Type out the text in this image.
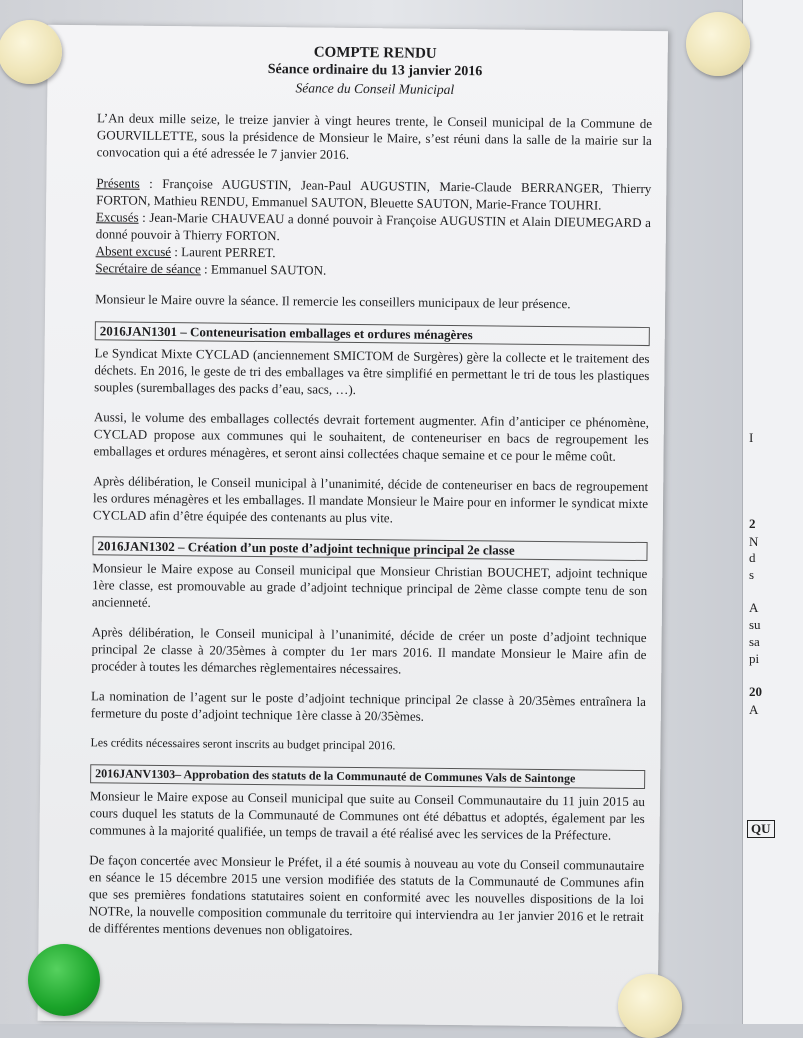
I
2
N
d
s
A
su
sa
pi
20
A
QU
COMPTE RENDU
Séance ordinaire du 13 janvier 2016
Séance du Conseil Municipal

L’An deux mille seize, le treize janvier à vingt heures trente, le Conseil municipal de la Commune de GOURVILLETTE, sous la présidence de Monsieur le Maire, s’est réuni dans la salle de la mairie sur la convocation qui a été adressée le 7 janvier 2016.

Présents : Françoise AUGUSTIN, Jean-Paul AUGUSTIN, Marie-Claude BERRANGER, Thierry FORTON, Mathieu RENDU, Emmanuel SAUTON, Bleuette SAUTON, Marie-France TOUHRI.

Excusés : Jean-Marie CHAUVEAU a donné pouvoir à Françoise AUGUSTIN et Alain DIEUMEGARD a donné pouvoir à Thierry FORTON.

Absent excusé : Laurent PERRET.

Secrétaire de séance : Emmanuel SAUTON.

Monsieur le Maire ouvre la séance. Il remercie les conseillers municipaux de leur présence.

2016JAN1301 – Conteneurisation emballages et ordures ménagères

Le Syndicat Mixte CYCLAD (anciennement SMICTOM de Surgères) gère la collecte et le traitement des déchets. En 2016, le geste de tri des emballages va être simplifié en permettant le tri de tous les plastiques souples (suremballages des packs d’eau, sacs, …).

Aussi, le volume des emballages collectés devrait fortement augmenter. Afin d’anticiper ce phénomène, CYCLAD propose aux communes qui le souhaitent, de conteneuriser en bacs de regroupement les emballages et ordures ménagères, et seront ainsi collectées chaque semaine et ce pour le même coût.

Après délibération, le Conseil municipal à l’unanimité, décide de conteneuriser en bacs de regroupement les ordures ménagères et les emballages. Il mandate Monsieur le Maire pour en informer le syndicat mixte CYCLAD afin d’être équipée des contenants au plus vite.

2016JAN1302 – Création d’un poste d’adjoint technique principal 2e classe

Monsieur le Maire expose au Conseil municipal que Monsieur Christian BOUCHET, adjoint technique 1ère classe, est promouvable au grade d’adjoint technique principal de 2ème classe compte tenu de son ancienneté.

Après délibération, le Conseil municipal à l’unanimité, décide de créer un poste d’adjoint technique principal 2e classe à 20/35èmes à compter du 1er mars 2016. Il mandate Monsieur le Maire afin de procéder à toutes les démarches règlementaires nécessaires.

La nomination de l’agent sur le poste d’adjoint technique principal 2e classe à 20/35èmes entraînera la fermeture du poste d’adjoint technique 1ère classe à 20/35èmes.

Les crédits nécessaires seront inscrits au budget principal 2016.

2016JANV1303– Approbation des statuts de la Communauté de Communes Vals de Saintonge

Monsieur le Maire expose au Conseil municipal que suite au Conseil Communautaire du 11 juin 2015 au cours duquel les statuts de la Communauté de Communes ont été débattus et adoptés, également par les communes à la majorité qualifiée, un temps de travail a été réalisé avec les services de la Préfecture.

De façon concertée avec Monsieur le Préfet, il a été soumis à nouveau au vote du Conseil communautaire en séance le 15 décembre 2015 une version modifiée des statuts de la Communauté de Communes afin que ses premières fondations statutaires soient en conformité avec les nouvelles dispositions de la loi NOTRe, la nouvelle composition communale du territoire qui interviendra au 1er janvier 2016 et le retrait de différentes mentions devenues non obligatoires.
